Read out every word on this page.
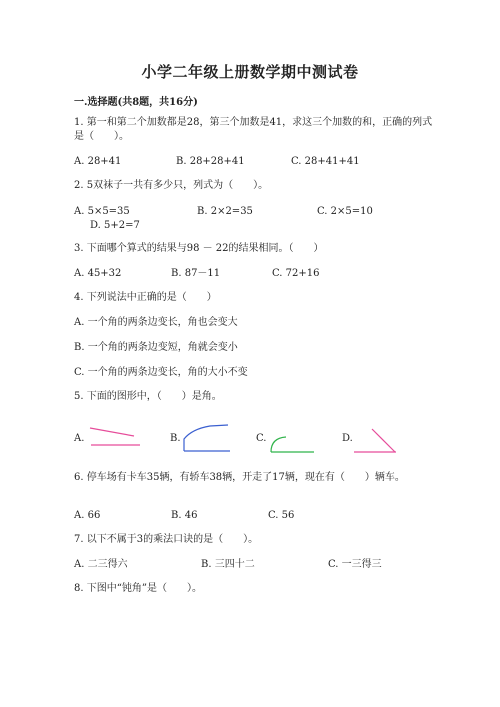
小学二年级上册数学期中测试卷
一.选择题(共8题，共16分)
1. 第一和第二个加数都是28，第三个加数是41，求这三个加数的和，正确的列式是（　　）。
A. 28+41	B. 28+28+41	C. 28+41+41
2. 5双袜子一共有多少只，列式为（　　）。
A. 5×5=35	B. 2×2=35	C. 2×5=10
D. 5+2=7
3. 下面哪个算式的结果与98 － 22的结果相同。（　　）
A. 45+32	B. 87－11	C. 72+16
4. 下列说法中正确的是（　　）
A. 一个角的两条边变长，角也会变大
B. 一个角的两条边变短，角就会变小
C. 一个角的两条边变长，角的大小不变
5. 下面的图形中，（　　）是角。
A.	B.	C.	D.
6. 停车场有卡车35辆，有轿车38辆，开走了17辆，现在有（　　）辆车。
A. 66	B. 46	C. 56
7. 以下不属于3的乘法口诀的是（　　）。
A. 二三得六	B. 三四十二	C. 一三得三
8. 下图中“钝角”是（　　）。
